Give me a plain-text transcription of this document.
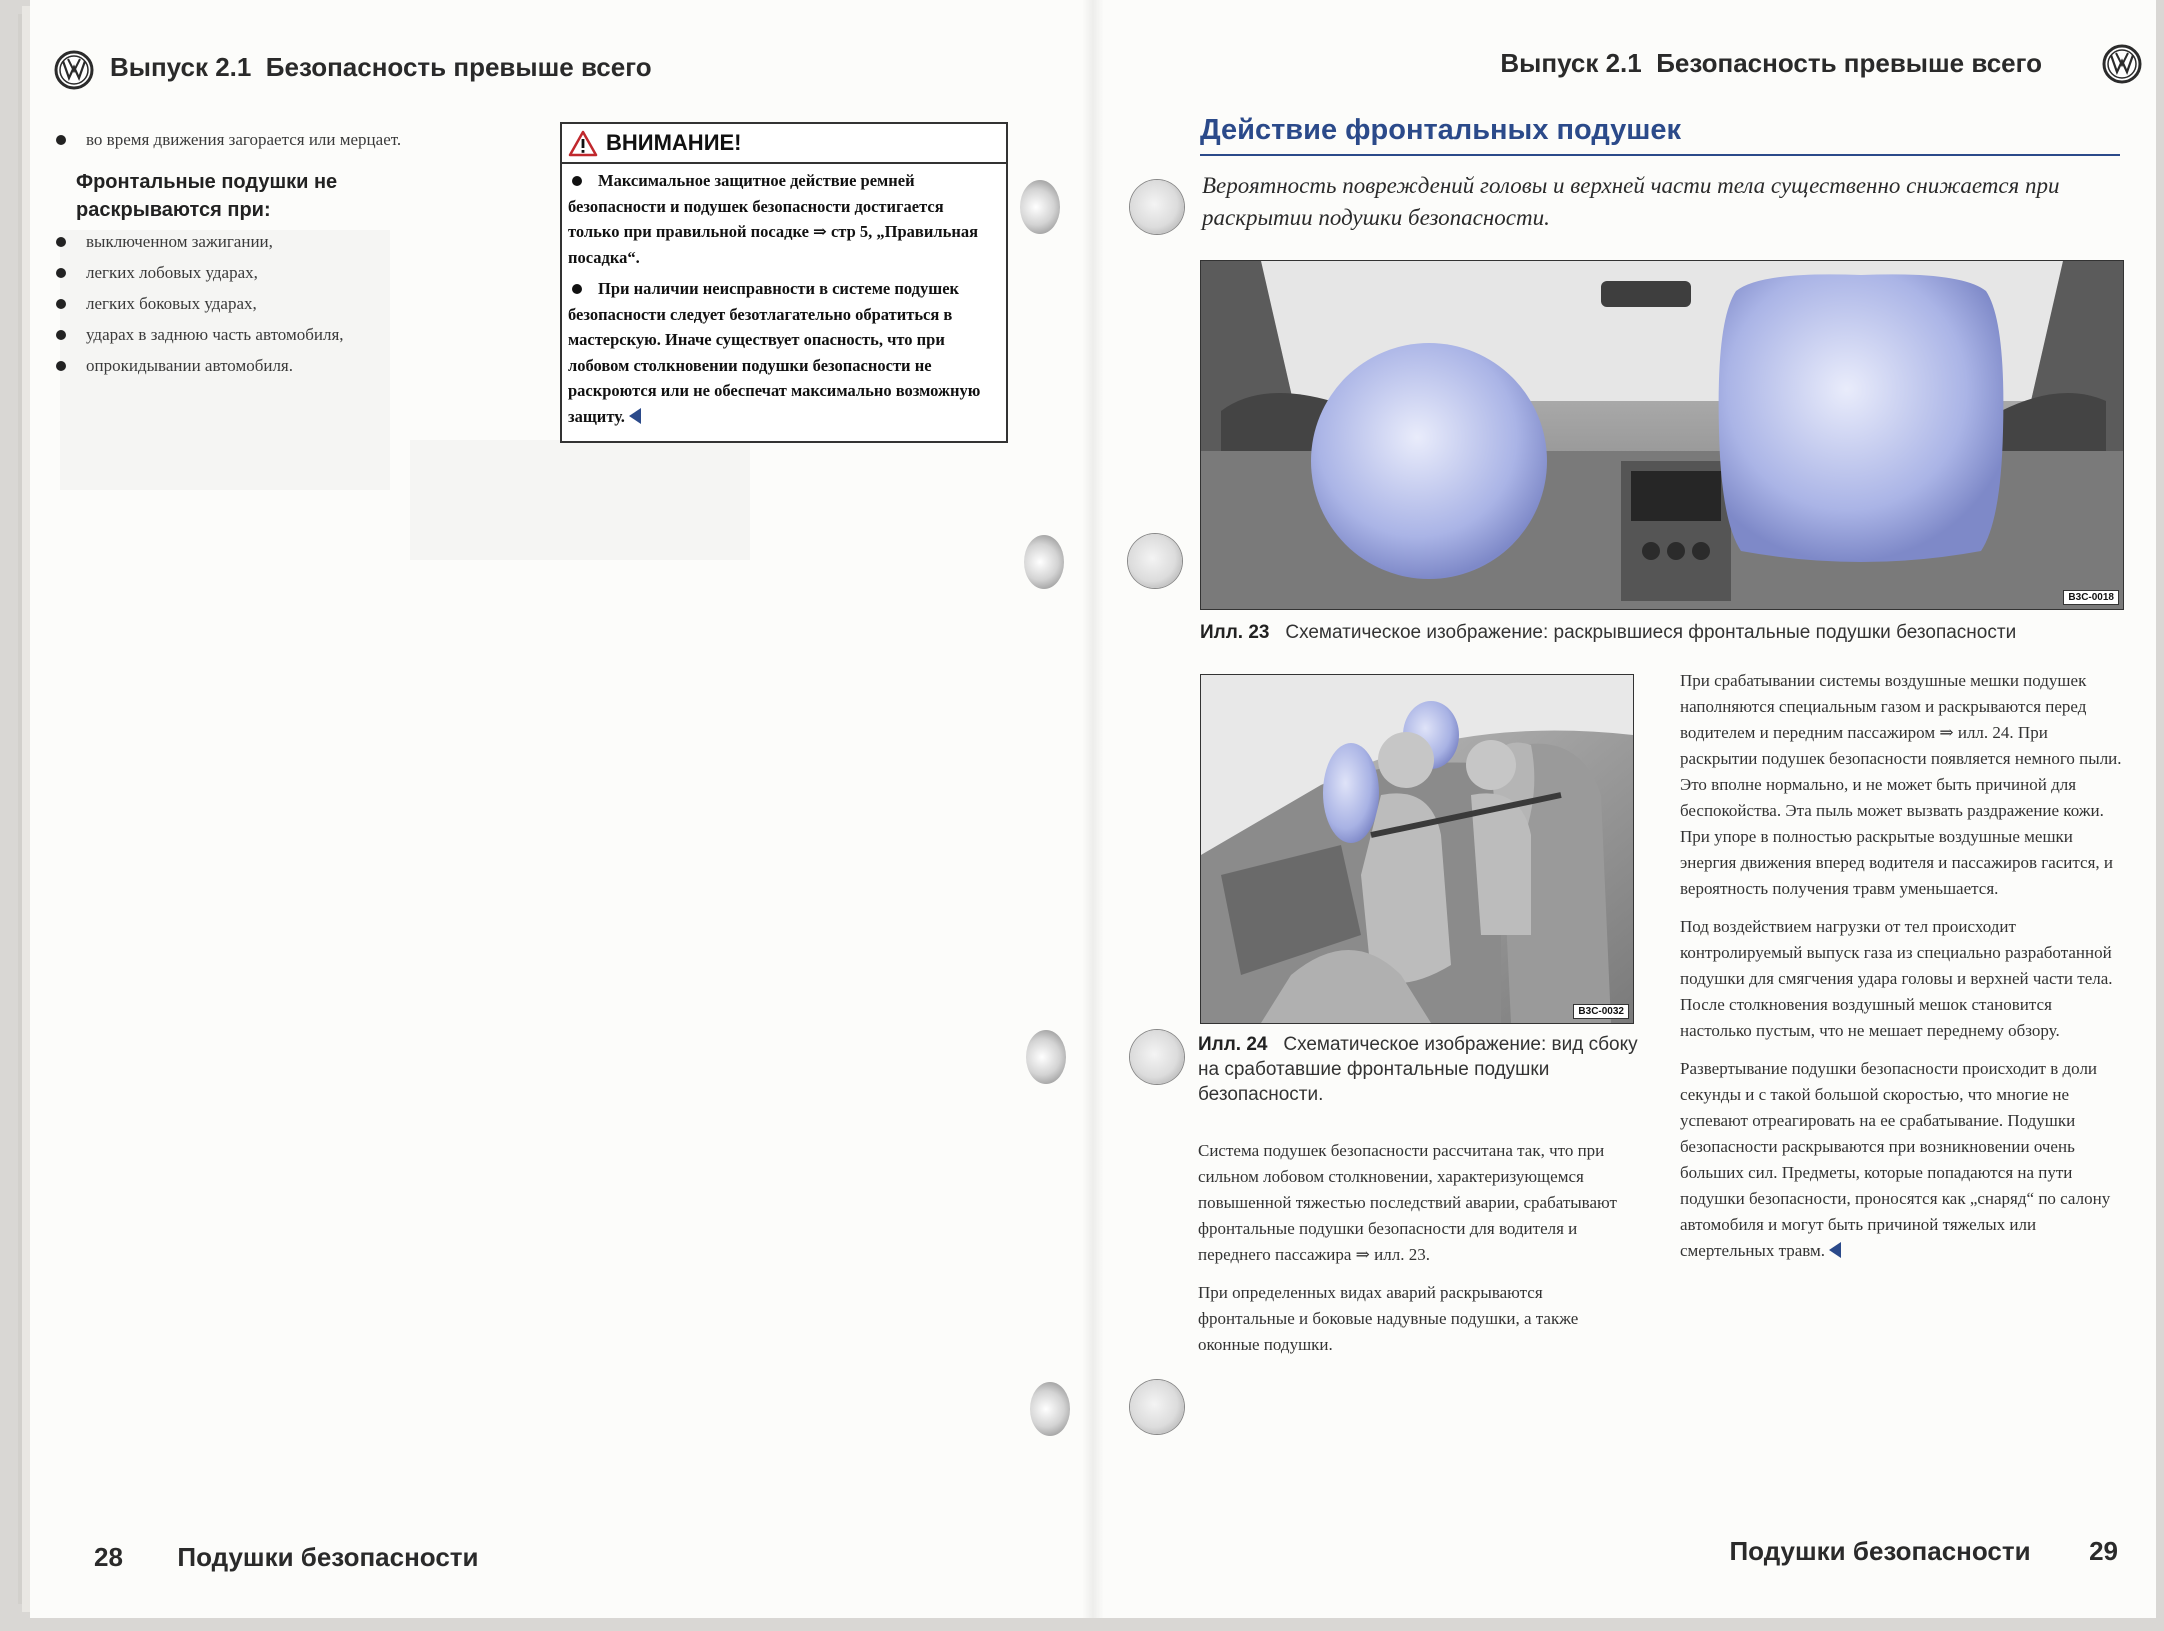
Выпуск 2.1 Безопасность превыше всего
во время движения загорается или мерцает.
Фронтальные подушки не раскрываются при:
выключенном зажигании,
легких лобовых ударах,
легких боковых ударах,
ударах в заднюю часть автомобиля,
опрокидывании автомобиля.
ВНИМАНИЕ!
Максимальное защитное действие ремней безопасности и подушек безопасности достигается только при правильной посадке ⇒ стр 5, „Правильная посадка“.
При наличии неисправности в системе подушек безопасности следует безотлагательно обратиться в мастерскую. Иначе существует опасность, что при лобовом столкновении подушки безопасности не раскроются или не обеспечат максимально возможную защиту.
28 Подушки безопасности
Выпуск 2.1 Безопасность превыше всего
Действие фронтальных подушек
Вероятность повреждений головы и верхней части тела существенно снижается при раскрытии подушки безопасности.
B3C-0018
Илл. 23 Схематическое изображение: раскрывшиеся фронтальные подушки безопасности
B3C-0032
Илл. 24 Схематическое изображение: вид сбоку на сработавшие фронтальные подушки безопасности.

Система подушек безопасности рассчитана так, что при сильном лобовом столкновении, характеризующемся повышенной тяжестью последствий аварии, срабатывают фронтальные подушки безопасности для водителя и переднего пассажира ⇒ илл. 23.

При определенных видах аварий раскрываются фронтальные и боковые надувные подушки, а также оконные подушки.

При срабатывании системы воздушные мешки подушек наполняются специальным газом и раскрываются перед водителем и передним пассажиром ⇒ илл. 24. При раскрытии подушек безопасности появляется немного пыли. Это вполне нормально, и не может быть причиной для беспокойства. Эта пыль может вызвать раздражение кожи. При упоре в полностью раскрытые воздушные мешки энергия движения вперед водителя и пассажиров гасится, и вероятность получения травм уменьшается.

Под воздействием нагрузки от тел происходит контролируемый выпуск газа из специально разработанной подушки для смягчения удара головы и верхней части тела. После столкновения воздушный мешок становится настолько пустым, что не мешает переднему обзору.

Развертывание подушки безопасности происходит в доли секунды и с такой большой скоростью, что многие не успевают отреагировать на ее срабатывание. Подушки безопасности раскрываются при возникновении очень больших сил. Предметы, которые попадаются на пути подушки безопасности, проносятся как „снаряд“ по салону автомобиля и могут быть причиной тяжелых или смертельных травм.

Подушки безопасности 29
